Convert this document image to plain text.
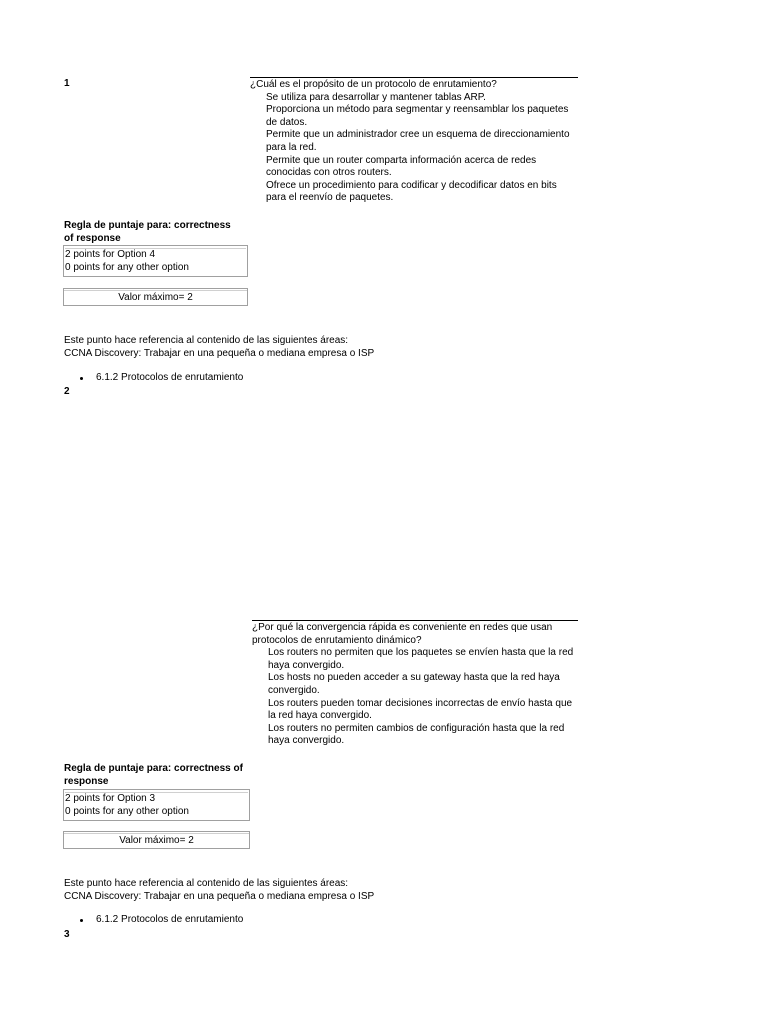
1	¿Cuál es el propósito de un protocolo de enrutamiento?

Se utiliza para desarrollar y mantener tablas ARP.

Proporciona un método para segmentar y reensamblar los paquetes de datos.

Permite que un administrador cree un esquema de direccionamiento para la red.

Permite que un router comparta información acerca de redes conocidas con otros routers.

Ofrece un procedimiento para codificar y decodificar datos en bits para el reenvío de paquetes.

Regla de puntaje para: correctness of response

2 points for Option 4

0 points for any other option

Valor máximo= 2

Este punto hace referencia al contenido de las siguientes áreas:

CCNA Discovery: Trabajar en una pequeña o mediana empresa o ISP

6.1.2 Protocolos de enrutamiento
2

¿Por qué la convergencia rápida es conveniente en redes que usan protocolos de enrutamiento dinámico?

Los routers no permiten que los paquetes se envíen hasta que la red haya convergido.

Los hosts no pueden acceder a su gateway hasta que la red haya convergido.

Los routers pueden tomar decisiones incorrectas de envío hasta que la red haya convergido.

Los routers no permiten cambios de configuración hasta que la red haya convergido.

Regla de puntaje para: correctness of response

2 points for Option 3

0 points for any other option

Valor máximo= 2

Este punto hace referencia al contenido de las siguientes áreas:

CCNA Discovery: Trabajar en una pequeña o mediana empresa o ISP

6.1.2 Protocolos de enrutamiento
3
